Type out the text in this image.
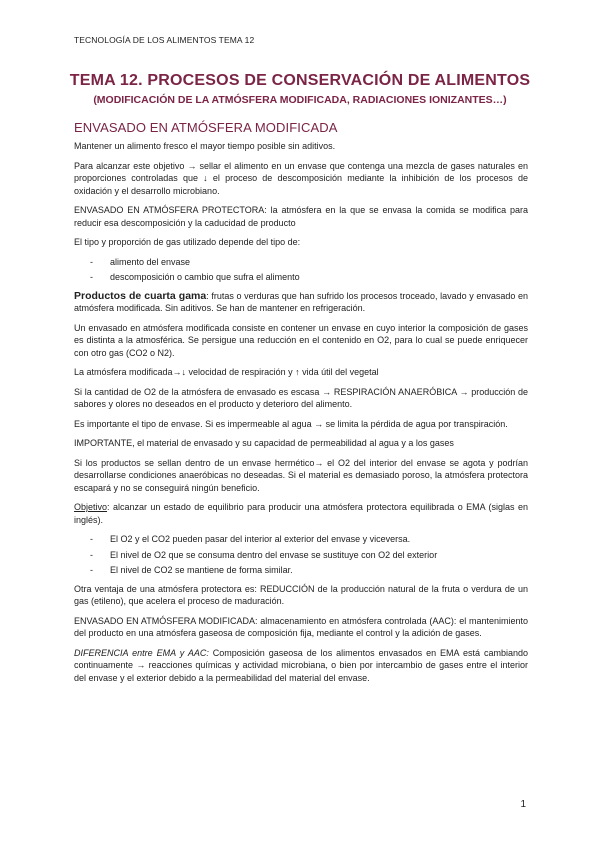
TECNOLOGÍA DE LOS ALIMENTOS TEMA 12
TEMA 12. PROCESOS DE CONSERVACIÓN DE ALIMENTOS
(MODIFICACIÓN DE LA ATMÓSFERA MODIFICADA, RADIACIONES IONIZANTES…)
ENVASADO EN ATMÓSFERA MODIFICADA

Mantener un alimento fresco el mayor tiempo posible sin aditivos.

Para alcanzar este objetivo → sellar el alimento en un envase que contenga una mezcla de gases naturales en proporciones controladas que ↓ el proceso de descomposición mediante la inhibición de los procesos de oxidación y el desarrollo microbiano.

ENVASADO EN ATMÓSFERA PROTECTORA: la atmósfera en la que se envasa la comida se modifica para reducir esa descomposición y la caducidad de producto

El tipo y proporción de gas utilizado depende del tipo de:

- alimento del envase
- descomposición o cambio que sufra el alimento

Productos de cuarta gama: frutas o verduras que han sufrido los procesos troceado, lavado y envasado en atmósfera modificada. Sin aditivos. Se han de mantener en refrigeración.

Un envasado en atmósfera modificada consiste en contener un envase en cuyo interior la composición de gases es distinta a la atmosférica. Se persigue una reducción en el contenido en O2, para lo cual se puede enriquecer con otro gas (CO2 o N2).

La atmósfera modificada→↓ velocidad de respiración y ↑ vida útil del vegetal

Si la cantidad de O2 de la atmósfera de envasado es escasa → RESPIRACIÓN ANAERÓBICA → producción de sabores y olores no deseados en el producto y deterioro del alimento.

Es importante el tipo de envase. Si es impermeable al agua → se limita la pérdida de agua por transpiración.

IMPORTANTE, el material de envasado y su capacidad de permeabilidad al agua y a los gases

Si los productos se sellan dentro de un envase hermético→ el O2 del interior del envase se agota y podrían desarrollarse condiciones anaeróbicas no deseadas. Si el material es demasiado poroso, la atmósfera protectora escapará y no se conseguirá ningún beneficio.

Objetivo: alcanzar un estado de equilibrio para producir una atmósfera protectora equilibrada o EMA (siglas en inglés).

- El O2 y el CO2 pueden pasar del interior al exterior del envase y viceversa.
- El nivel de O2 que se consuma dentro del envase se sustituye con O2 del exterior
- El nivel de CO2 se mantiene de forma similar.

Otra ventaja de una atmósfera protectora es: REDUCCIÓN de la producción natural de la fruta o verdura de un gas (etileno), que acelera el proceso de maduración.

ENVASADO EN ATMÓSFERA MODIFICADA: almacenamiento en atmósfera controlada (AAC): el mantenimiento del producto en una atmósfera gaseosa de composición fija, mediante el control y la adición de gases.

DIFERENCIA entre EMA y AAC: Composición gaseosa de los alimentos envasados en EMA está cambiando continuamente → reacciones químicas y actividad microbiana, o bien por intercambio de gases entre el interior del envase y el exterior debido a la permeabilidad del material del envase.

1
